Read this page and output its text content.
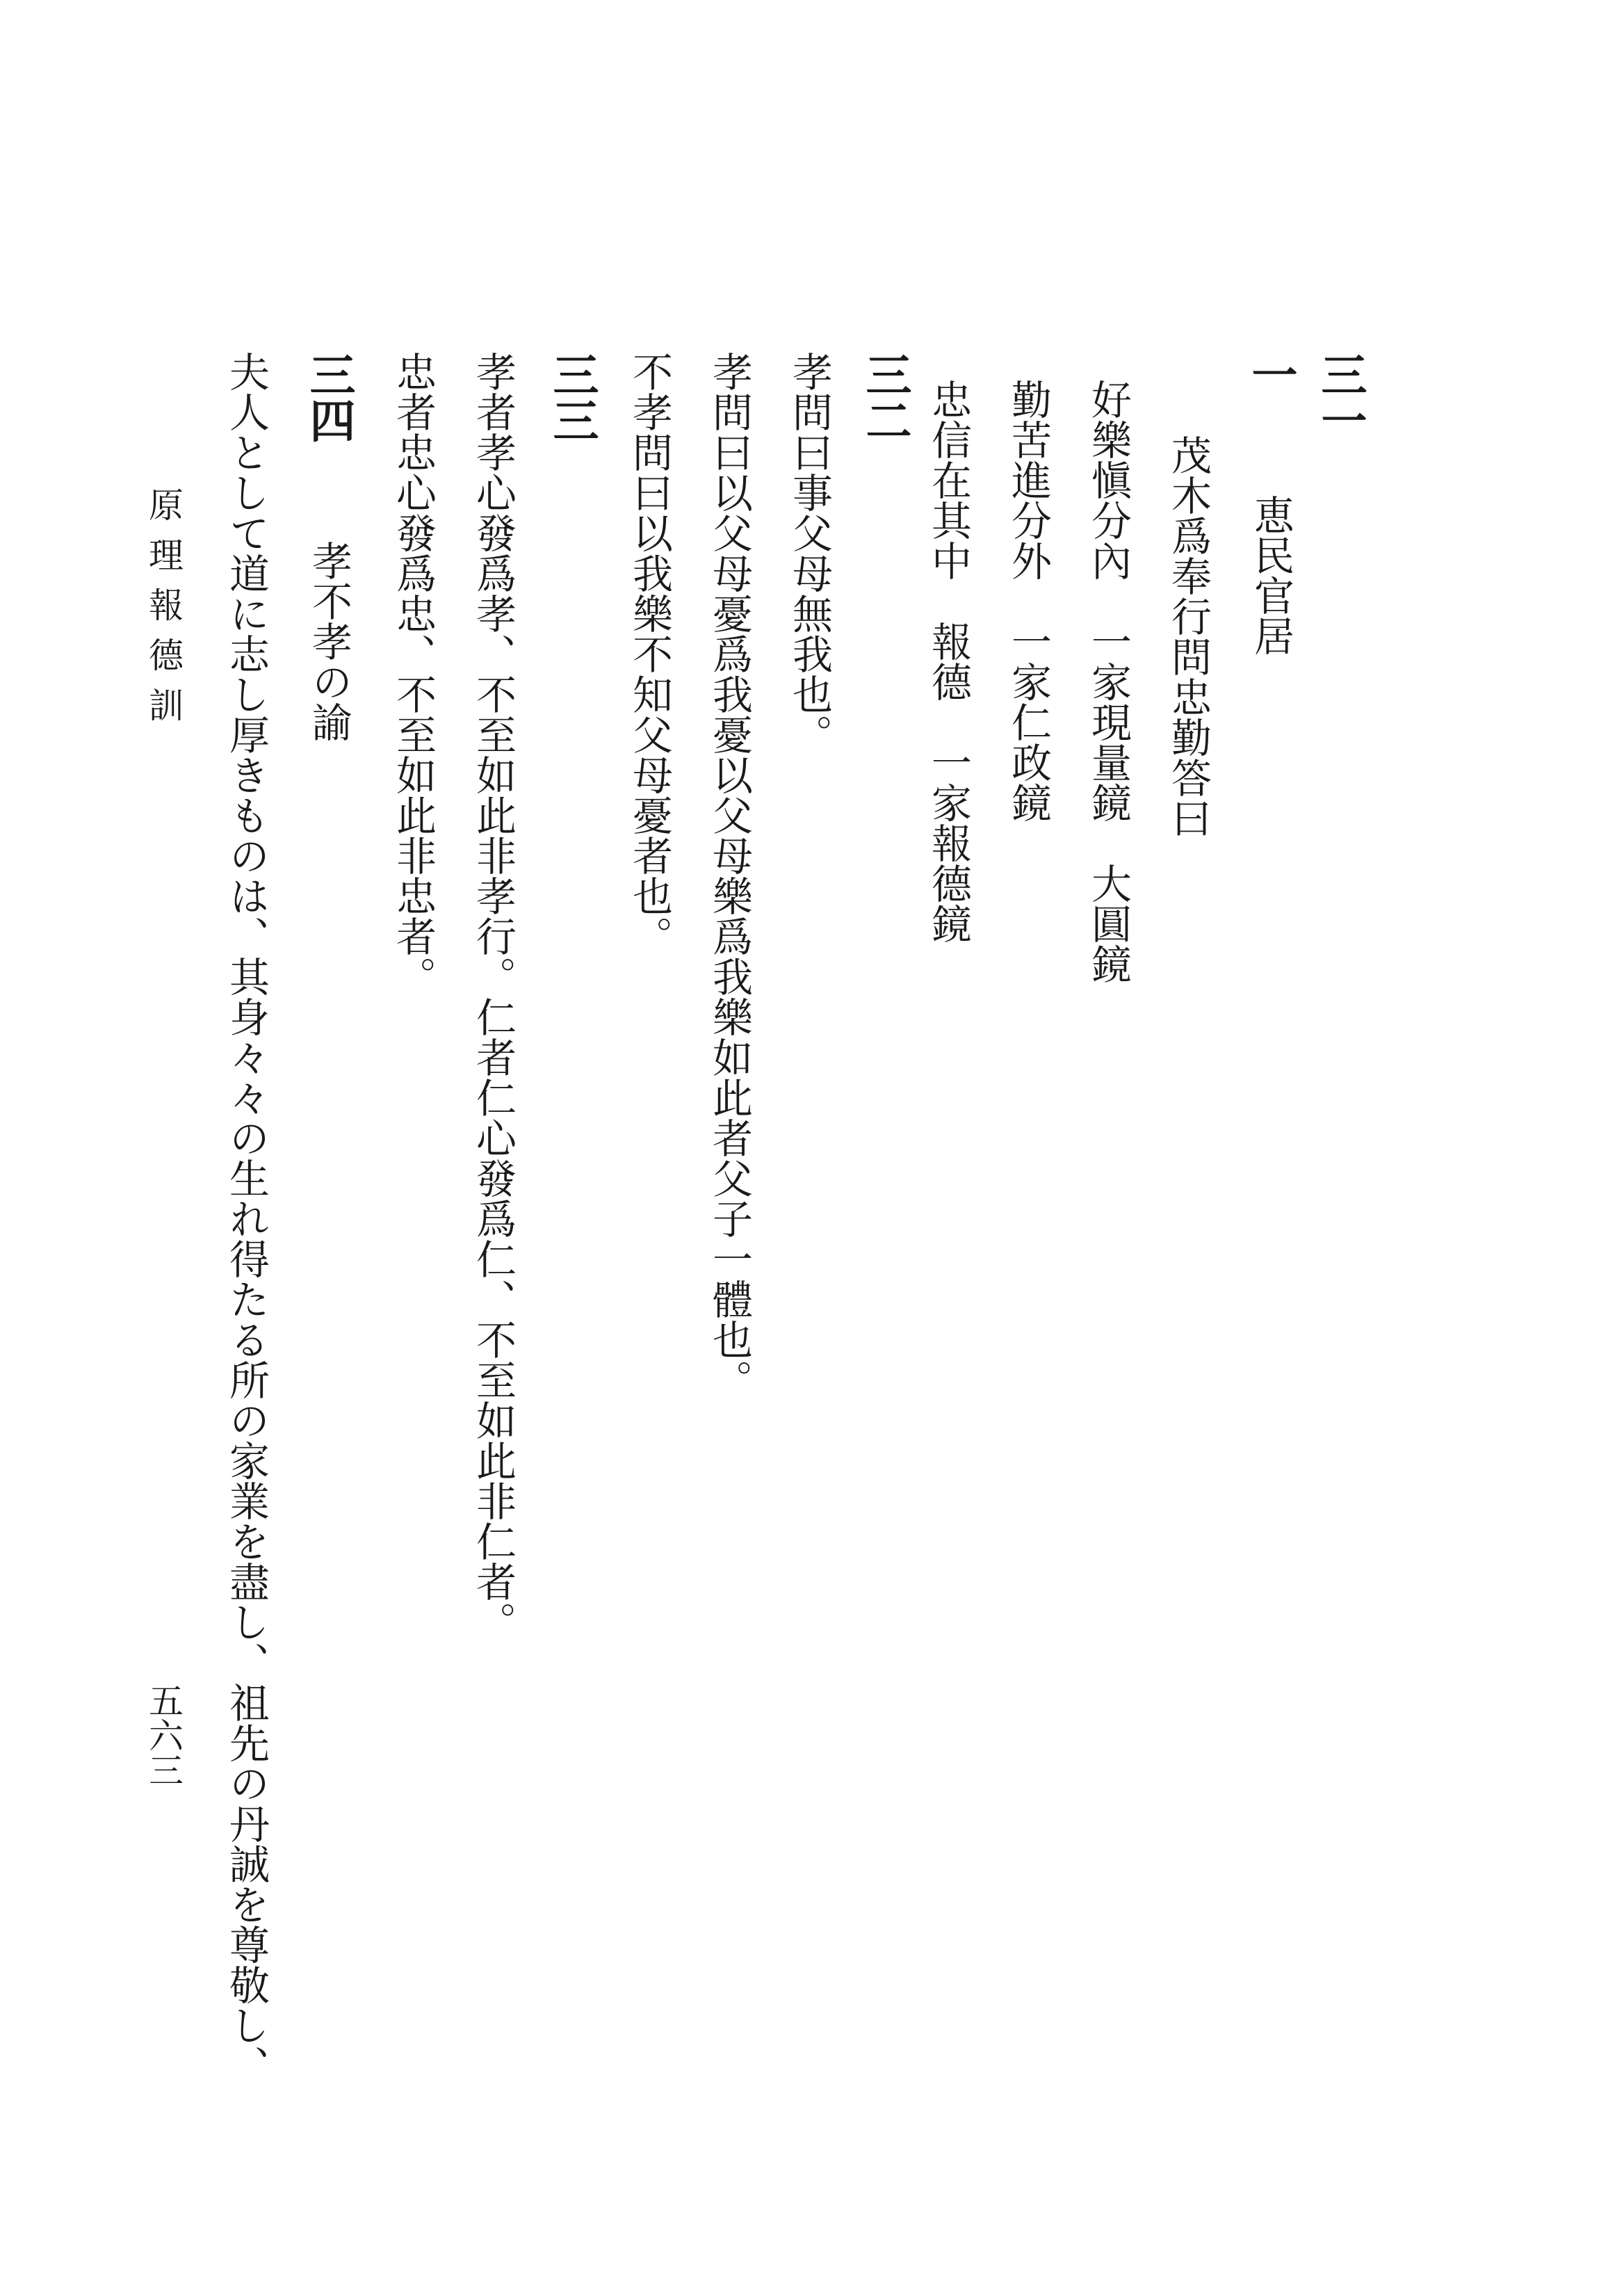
三一
一恵民官居
茂木爲奉行問忠勤答曰
好樂愼分內　一家現量鏡　大圓鏡
勤苦進分外　一家仁政鏡
忠信在其中　報德　一家報德鏡
三二
孝問曰事父母無我也。
孝問曰以父母憂爲我憂以父母樂爲我樂如此者父子一體也。
不孝問曰以我樂不知父母憂者也。
三三
孝者孝心發爲孝、不至如此非孝行。仁者仁心發爲仁、不至如此非仁者。
忠者忠心發爲忠、不至如此非忠者。
三四孝不孝の諭
夫人として道に志し厚きものは、其身々々の生れ得たる所の家業を盡し、祖先の丹誠を尊敬し、
原理報德訓
五六三
